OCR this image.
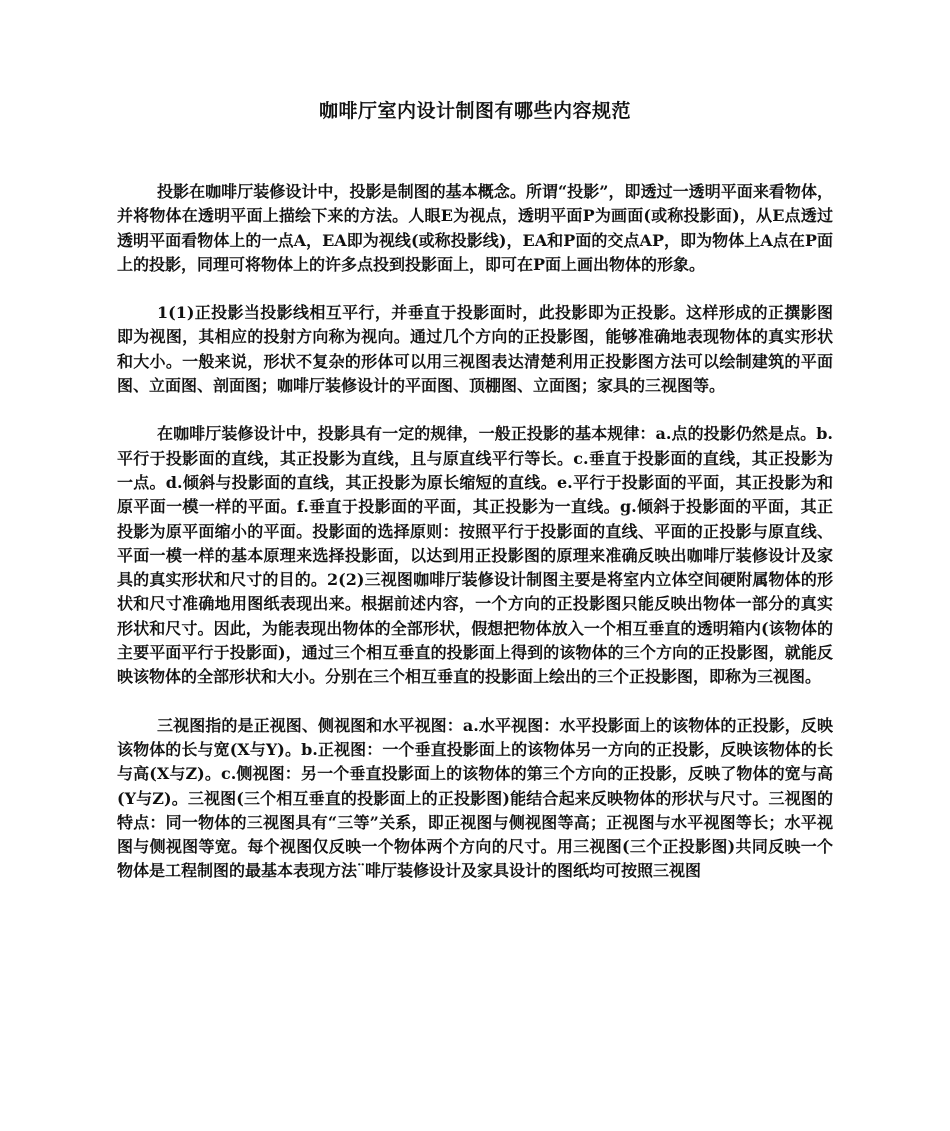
咖啡厅室内设计制图有哪些内容规范

投影在咖啡厅装修设计中，投影是制图的基本概念。所谓“投影”，即透过一透明平面来看物体，并将物体在透明平面上描绘下来的方法。人眼E为视点，透明平面P为画面(或称投影面)，从E点透过透明平面看物体上的一点A，EA即为视线(或称投影线)，EA和P面的交点AP，即为物体上A点在P面上的投影，同理可将物体上的许多点投到投影面上，即可在P面上画出物体的形象。

1(1)正投影当投影线相互平行，并垂直于投影面时，此投影即为正投影。这样形成的正撰影图即为视图，其相应的投射方向称为视向。通过几个方向的正投影图，能够准确地表现物体的真实形状和大小。一般来说，形状不复杂的形体可以用三视图表达清楚利用正投影图方法可以绘制建筑的平面图、立面图、剖面图；咖啡厅装修设计的平面图、顶棚图、立面图；家具的三视图等。

在咖啡厅装修设计中，投影具有一定的规律，一般正投影的基本规律：a.点的投影仍然是点。b.平行于投影面的直线，其正投影为直线，且与原直线平行等长。c.垂直于投影面的直线，其正投影为一点。d.倾斜与投影面的直线，其正投影为原长缩短的直线。e.平行于投影面的平面，其正投影为和原平面一模一样的平面。f.垂直于投影面的平面，其正投影为一直线。g.倾斜于投影面的平面，其正投影为原平面缩小的平面。投影面的选择原则：按照平行于投影面的直线、平面的正投影与原直线、平面一模一样的基本原理来选择投影面，以达到用正投影图的原理来准确反映出咖啡厅装修设计及家具的真实形状和尺寸的目的。2(2)三视图咖啡厅装修设计制图主要是将室内立体空间硬附属物体的形状和尺寸准确地用图纸表现出来。根据前述内容，一个方向的正投影图只能反映出物体一部分的真实形状和尺寸。因此，为能表现出物体的全部形状，假想把物体放入一个相互垂直的透明箱内(该物体的主要平面平行于投影面)，通过三个相互垂直的投影面上得到的该物体的三个方向的正投影图，就能反映该物体的全部形状和大小。分别在三个相互垂直的投影面上绘出的三个正投影图，即称为三视图。

三视图指的是正视图、侧视图和水平视图：a.水平视图：水平投影面上的该物体的正投影，反映该物体的长与宽(X与Y)。b.正视图：一个垂直投影面上的该物体另一方向的正投影，反映该物体的长与高(X与Z)。c.侧视图：另一个垂直投影面上的该物体的第三个方向的正投影，反映了物体的宽与高(Y与Z)。三视图(三个相互垂直的投影面上的正投影图)能结合起来反映物体的形状与尺寸。三视图的特点：同一物体的三视图具有“三等”关系，即正视图与侧视图等高；正视图与水平视图等长；水平视图与侧视图等宽。每个视图仅反映一个物体两个方向的尺寸。用三视图(三个正投影图)共同反映一个物体是工程制图的最基本表现方法¨啡厅装修设计及家具设计的图纸均可按照三视图
